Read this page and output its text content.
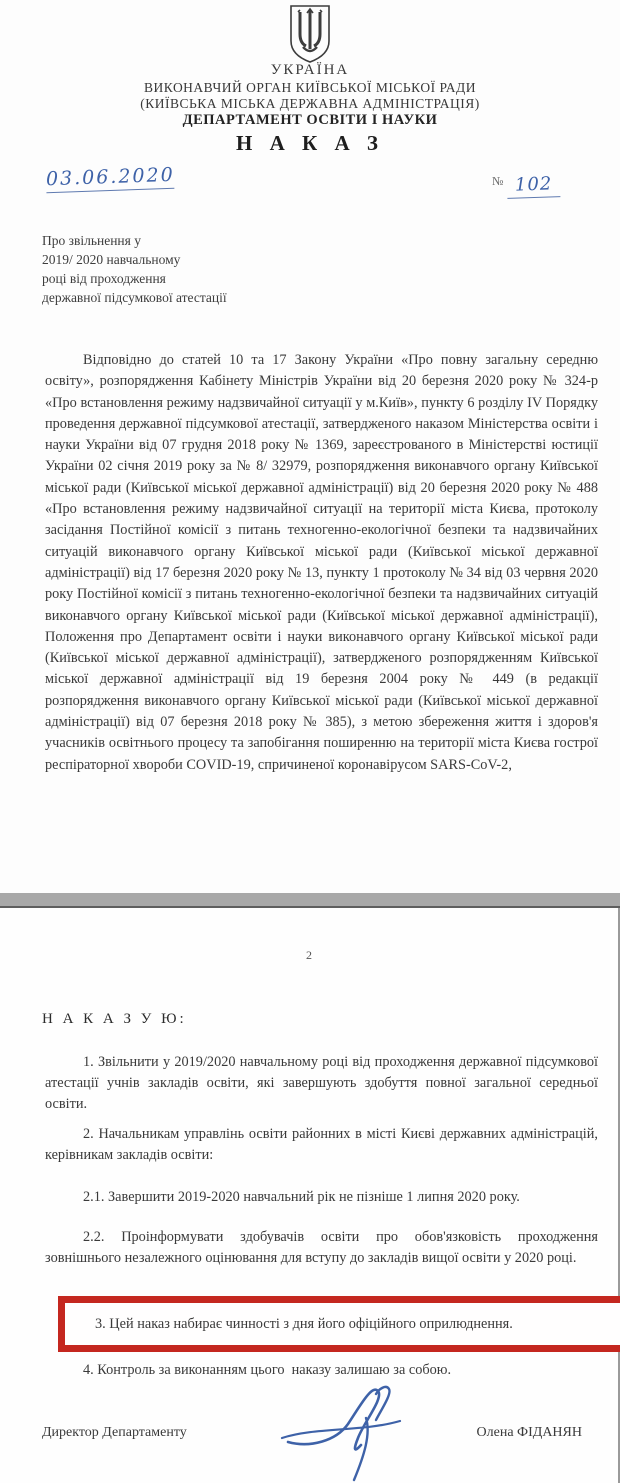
УКРАЇНА
ВИКОНАВЧИЙ ОРГАН КИЇВСЬКОЇ МІСЬКОЇ РАДИ
(КИЇВСЬКА МІСЬКА ДЕРЖАВНА АДМІНІСТРАЦІЯ)
ДЕПАРТАМЕНТ ОСВІТИ І НАУКИ
Н А К А З
03.06.2020	№ 102
Про звільнення у
2019/ 2020 навчальному
році від проходження
державної підсумкової атестації
Відповідно до статей 10 та 17 Закону України «Про повну загальну середню освіту», розпорядження Кабінету Міністрів України від 20 березня 2020 року № 324-р «Про встановлення режиму надзвичайної ситуації у м.Київ», пункту 6 розділу IV Порядку проведення державної підсумкової атестації, затвердженого наказом Міністерства освіти і науки України від 07 грудня 2018 року № 1369, зареєстрованого в Міністерстві юстиції України 02 січня 2019 року за № 8/ 32979, розпорядження виконавчого органу Київської міської ради (Київської міської державної адміністрації) від 20 березня 2020 року № 488 «Про встановлення режиму надзвичайної ситуації на території міста Києва, протоколу засідання Постійної комісії з питань техногенно-екологічної безпеки та надзвичайних ситуацій виконавчого органу Київської міської ради (Київської міської державної адміністрації) від 17 березня 2020 року № 13, пункту 1 протоколу № 34 від 03 червня 2020 року Постійної комісії з питань техногенно-екологічної безпеки та надзвичайних ситуацій виконавчого органу Київської міської ради (Київської міської державної адміністрації), Положення про Департамент освіти і науки виконавчого органу Київської міської ради (Київської міської державної адміністрації), затвердженого розпорядженням Київської міської державної адміністрації від 19 березня 2004 року № 449 (в редакції розпорядження виконавчого органу Київської міської ради (Київської міської державної адміністрації) від 07 березня 2018 року № 385), з метою збереження життя і здоров'я учасників освітнього процесу та запобігання поширенню на території міста Києва гострої респіраторної хвороби COVID-19, спричиненої коронавірусом SARS-CoV-2,
2
Н А К А З У Ю:
1. Звільнити у 2019/2020 навчальному році від проходження державної підсумкової атестації учнів закладів освіти, які завершують здобуття повної загальної середньої освіти.
2. Начальникам управлінь освіти районних в місті Києві державних адміністрацій, керівникам закладів освіти:
2.1. Завершити 2019-2020 навчальний рік не пізніше 1 липня 2020 року.
2.2. Проінформувати здобувачів освіти про обов'язковість проходження зовнішнього незалежного оцінювання для вступу до закладів вищої освіти у 2020 році.
3. Цей наказ набирає чинності з дня його офіційного оприлюднення.
4. Контроль за виконанням цього  наказу залишаю за собою.
Директор Департаменту	Олена ФІДАНЯН
